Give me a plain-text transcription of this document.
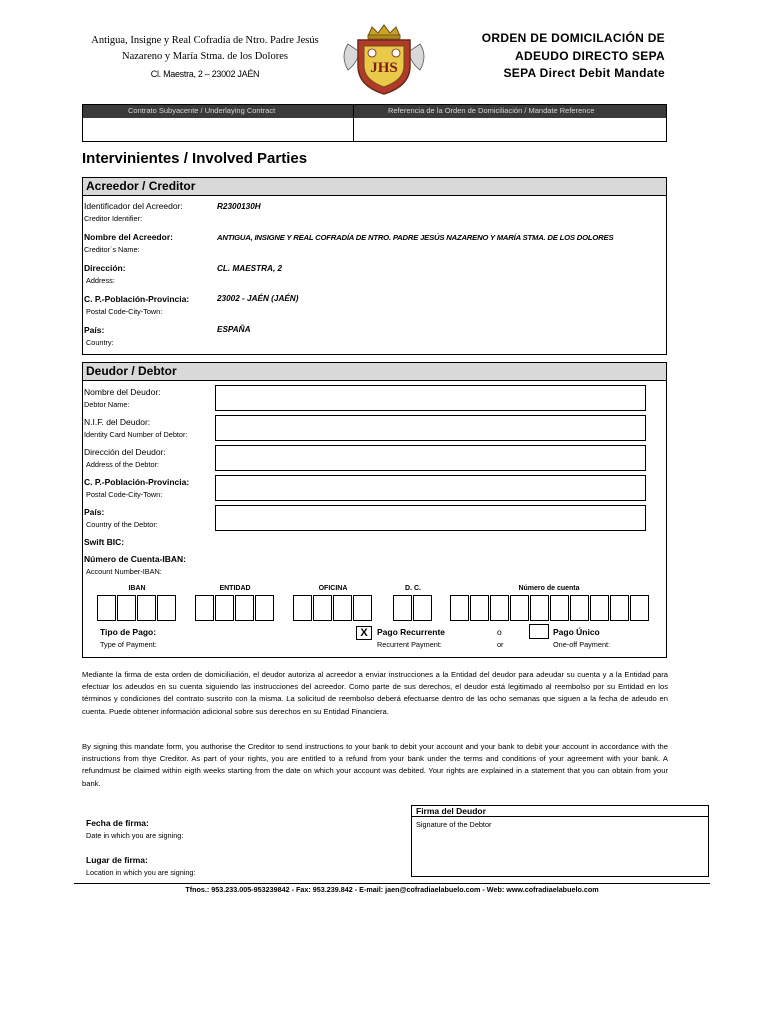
Antigua, Insigne y Real Cofradía de Ntro. Padre Jesús
Nazareno y María Stma. de los Dolores
Cl. Maestra, 2 – 23002 JAÉN	JHS
ORDEN DE DOMICILACIÓN DE
ADEUDO DIRECTO SEPA
SEPA Direct Debit Mandate
Contrato Subyacente / Underlaying Contract	Referencia de la Orden de Domiciliación / Mandate Reference
Intervinientes / Involved Parties
Acreedor / Creditor
Identificador del Acreedor:
Creditor Identifier:
R2300130H
Nombre del Acreedor:
Creditor´s Name:
ANTIGUA, INSIGNE Y REAL COFRADÍA DE NTRO. PADRE JESÚS NAZARENO Y MARÍA STMA. DE LOS DOLORES
Dirección:
Address:
CL. MAESTRA, 2
C. P.-Población-Provincia:
Postal Code-City-Town:
23002 - JAÉN (JAÉN)
País:
Country:
ESPAÑA
Deudor / Debtor
Nombre del Deudor:
Debtor Name:
N.I.F. del Deudor:
Identity Card Number of Debtor:
Dirección del Deudor:
Address of the Debtor:
C. P.-Población-Provincia:
Postal Code-City-Town:
País:
Country of the Debtor:
Swift BIC:
Número de Cuenta-IBAN:
Account Number-IBAN:
IBAN	ENTIDAD	OFICINA	D. C.	Número de cuenta
Tipo de Pago:
Type of Payment:
X	Pago Recurrente
Recurrent Payment:
o
or
Pago Único
One-off Payment:
Mediante la firma de esta orden de domiciliación, el deudor autoriza al acreedor a enviar instrucciones a la Entidad del deudor para adeudar su cuenta y a la Entidad para efectuar los adeudos en su cuenta siguiendo las instrucciones del acreedor. Como parte de sus derechos, el deudor está legitimado al reembolso por su Entidad en los términos y condiciones del contrato suscrito con la misma. La solicitud de reembolso deberá efectuarse dentro de las ocho semanas que siguen a la fecha de adeudo en cuenta. Puede obtener información adicional sobre sus derechos en su Entidad Financiera.
By signing this mandate form, you authorise the Creditor to send instructions to your bank to debit your account and your bank to debit your account in accordance with the instructions from thye Creditor. As part of your rights, you are entitled to a refund from your bank under the terms and conditions of your agreement with your bank. A refundmust be claimed within eigth weeks starting from the date on which your account was debited. Your rights are explained in a statement that you can obtain from your bank.
Firma del Deudor
Signature of the Debtor
Fecha de firma:
Date in which you are signing:
Lugar de firma:
Location in which you are signing:
Tfnos.: 953.233.005-953239842 - Fax: 953.239.842 - E-mail: jaen@cofradiaelabuelo.com - Web: www.cofradiaelabuelo.com
